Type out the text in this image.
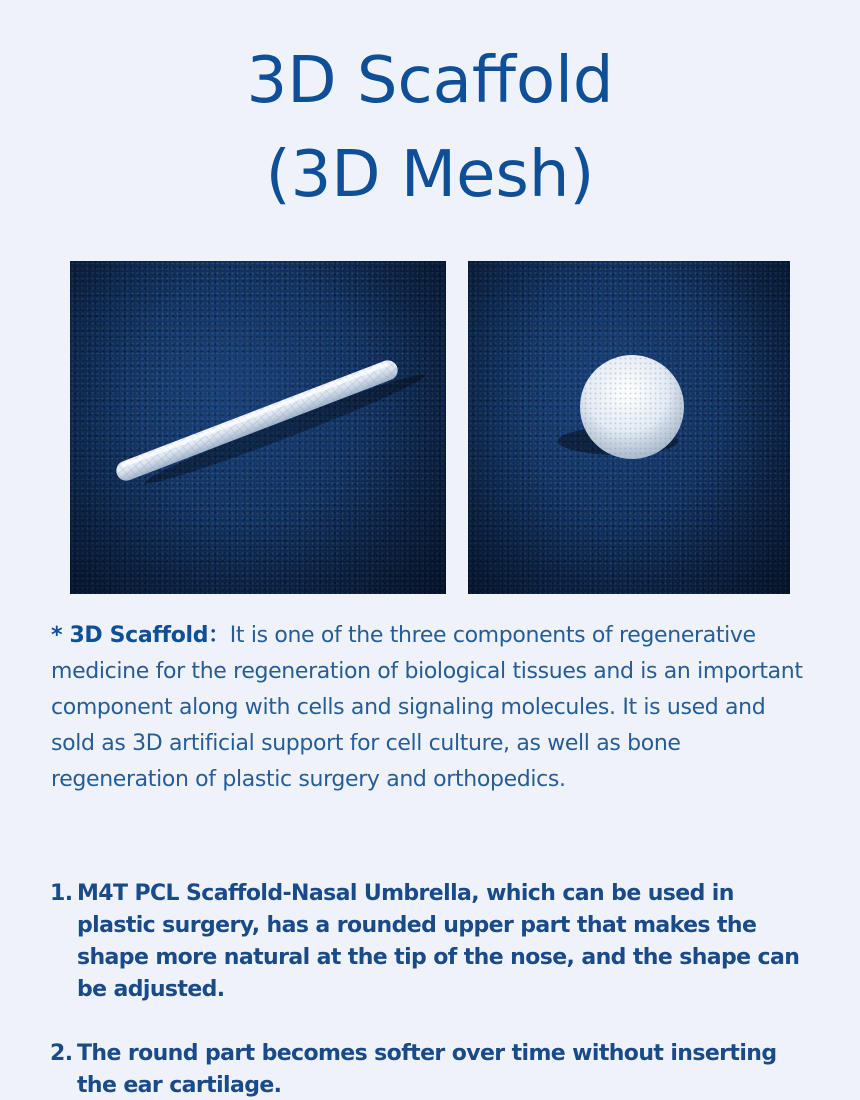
3D Scaffold
(3D Mesh)

* 3D Scaffold：It is one of the three components of regenerative medicine for the regeneration of biological tissues and is an important component along with cells and signaling molecules. It is used and sold as 3D artificial support for cell culture, as well as bone regeneration of plastic surgery and orthopedics.

1. M4T PCL Scaffold-Nasal Umbrella, which can be used in plastic surgery, has a rounded upper part that makes the shape more natural at the tip of the nose, and the shape can be adjusted.
2. The round part becomes softer over time without inserting the ear cartilage.
